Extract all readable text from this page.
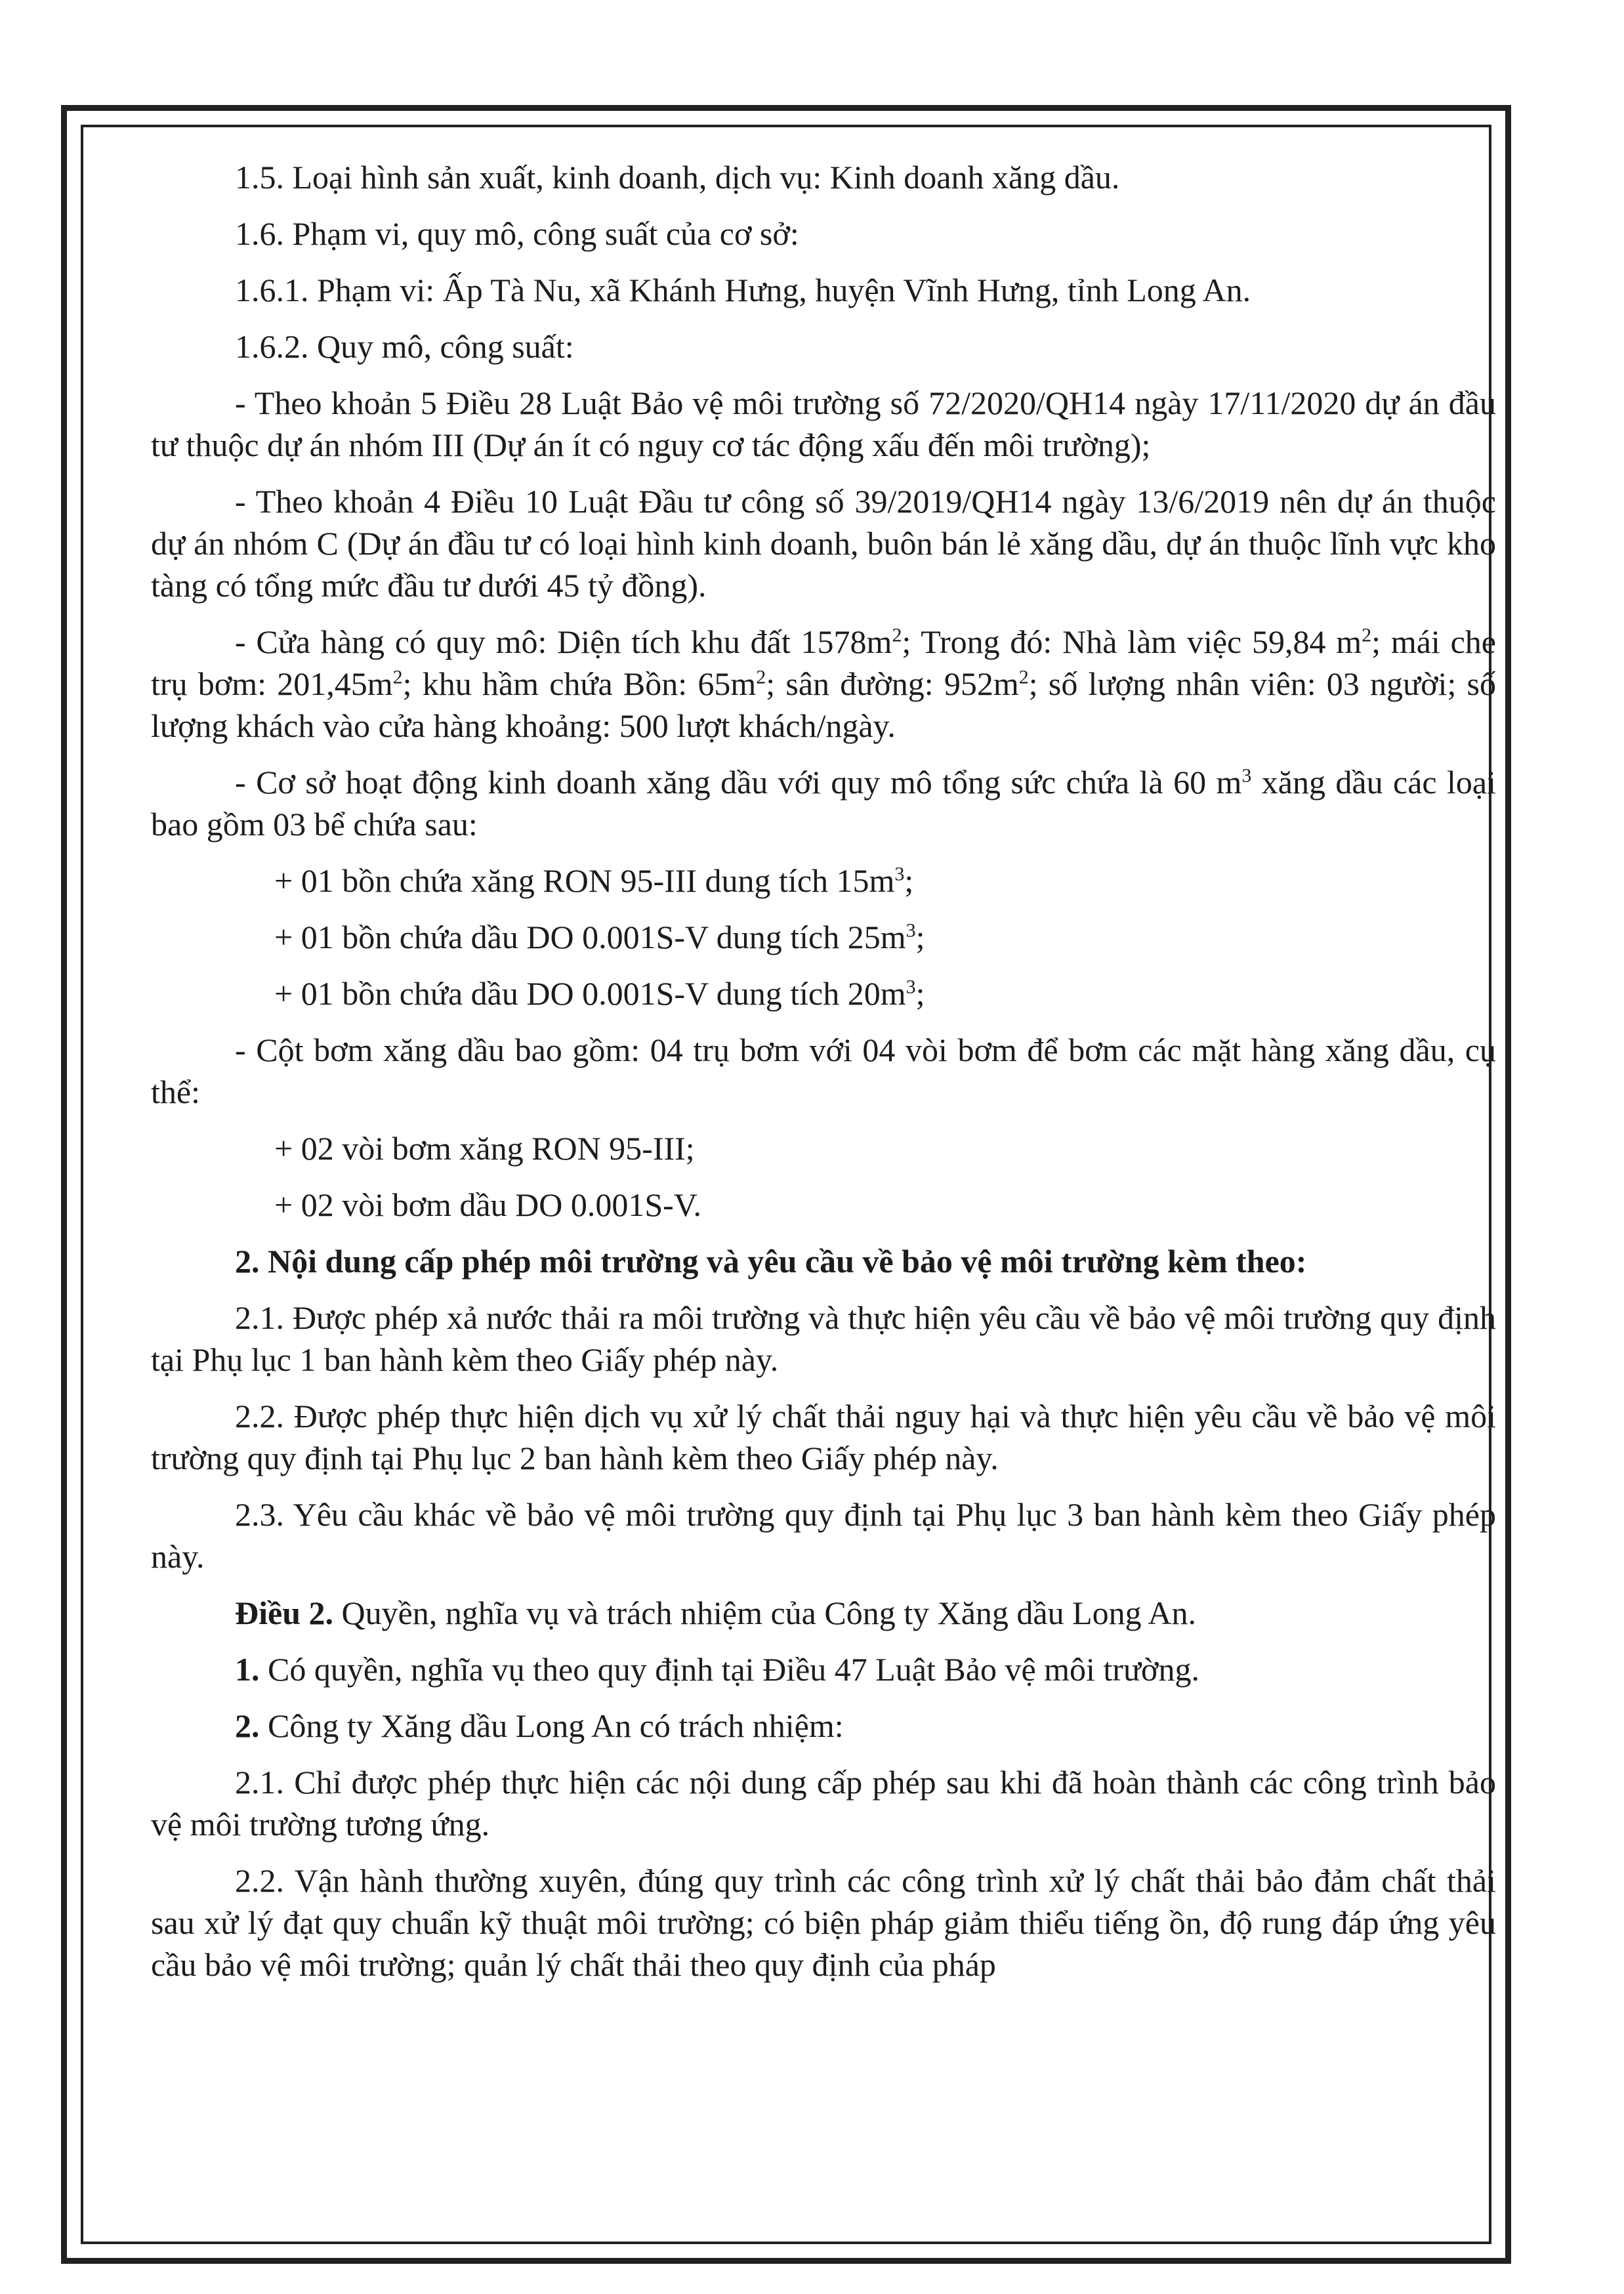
1.5. Loại hình sản xuất, kinh doanh, dịch vụ: Kinh doanh xăng dầu.

1.6. Phạm vi, quy mô, công suất của cơ sở:

1.6.1. Phạm vi: Ấp Tà Nu, xã Khánh Hưng, huyện Vĩnh Hưng, tỉnh Long An.

1.6.2. Quy mô, công suất:

- Theo khoản 5 Điều 28 Luật Bảo vệ môi trường số 72/2020/QH14 ngày 17/11/2020 dự án đầu tư thuộc dự án nhóm III (Dự án ít có nguy cơ tác động xấu đến môi trường);

- Theo khoản 4 Điều 10 Luật Đầu tư công số 39/2019/QH14 ngày 13/6/2019 nên dự án thuộc dự án nhóm C (Dự án đầu tư có loại hình kinh doanh, buôn bán lẻ xăng dầu, dự án thuộc lĩnh vực kho tàng có tổng mức đầu tư dưới 45 tỷ đồng).

- Cửa hàng có quy mô: Diện tích khu đất $1578m^2$; Trong đó: Nhà làm việc 59,84 $m^2$; mái che trụ bơm: $201,45m^2$; khu hầm chứa Bồn: $65m^2$; sân đường: $952m^2$; số lượng nhân viên: 03 người; số lượng khách vào cửa hàng khoảng: 500 lượt khách/ngày.

- Cơ sở hoạt động kinh doanh xăng dầu với quy mô tổng sức chứa là 60 $m^3$ xăng dầu các loại bao gồm 03 bể chứa sau:

+ 01 bồn chứa xăng RON 95-III dung tích $15m^3$;

+ 01 bồn chứa dầu DO 0.001S-V dung tích $25m^3$;

+ 01 bồn chứa dầu DO 0.001S-V dung tích $20m^3$;

- Cột bơm xăng dầu bao gồm: 04 trụ bơm với 04 vòi bơm để bơm các mặt hàng xăng dầu, cụ thể:

+ 02 vòi bơm xăng RON 95-III;

+ 02 vòi bơm dầu DO 0.001S-V.

2. Nội dung cấp phép môi trường và yêu cầu về bảo vệ môi trường kèm theo:

2.1. Được phép xả nước thải ra môi trường và thực hiện yêu cầu về bảo vệ môi trường quy định tại Phụ lục 1 ban hành kèm theo Giấy phép này.

2.2. Được phép thực hiện dịch vụ xử lý chất thải nguy hại và thực hiện yêu cầu về bảo vệ môi trường quy định tại Phụ lục 2 ban hành kèm theo Giấy phép này.

2.3. Yêu cầu khác về bảo vệ môi trường quy định tại Phụ lục 3 ban hành kèm theo Giấy phép này.

Điều 2. Quyền, nghĩa vụ và trách nhiệm của Công ty Xăng dầu Long An.

1. Có quyền, nghĩa vụ theo quy định tại Điều 47 Luật Bảo vệ môi trường.

2. Công ty Xăng dầu Long An có trách nhiệm:

2.1. Chỉ được phép thực hiện các nội dung cấp phép sau khi đã hoàn thành các công trình bảo vệ môi trường tương ứng.

2.2. Vận hành thường xuyên, đúng quy trình các công trình xử lý chất thải bảo đảm chất thải sau xử lý đạt quy chuẩn kỹ thuật môi trường; có biện pháp giảm thiểu tiếng ồn, độ rung đáp ứng yêu cầu bảo vệ môi trường; quản lý chất thải theo quy định của pháp
